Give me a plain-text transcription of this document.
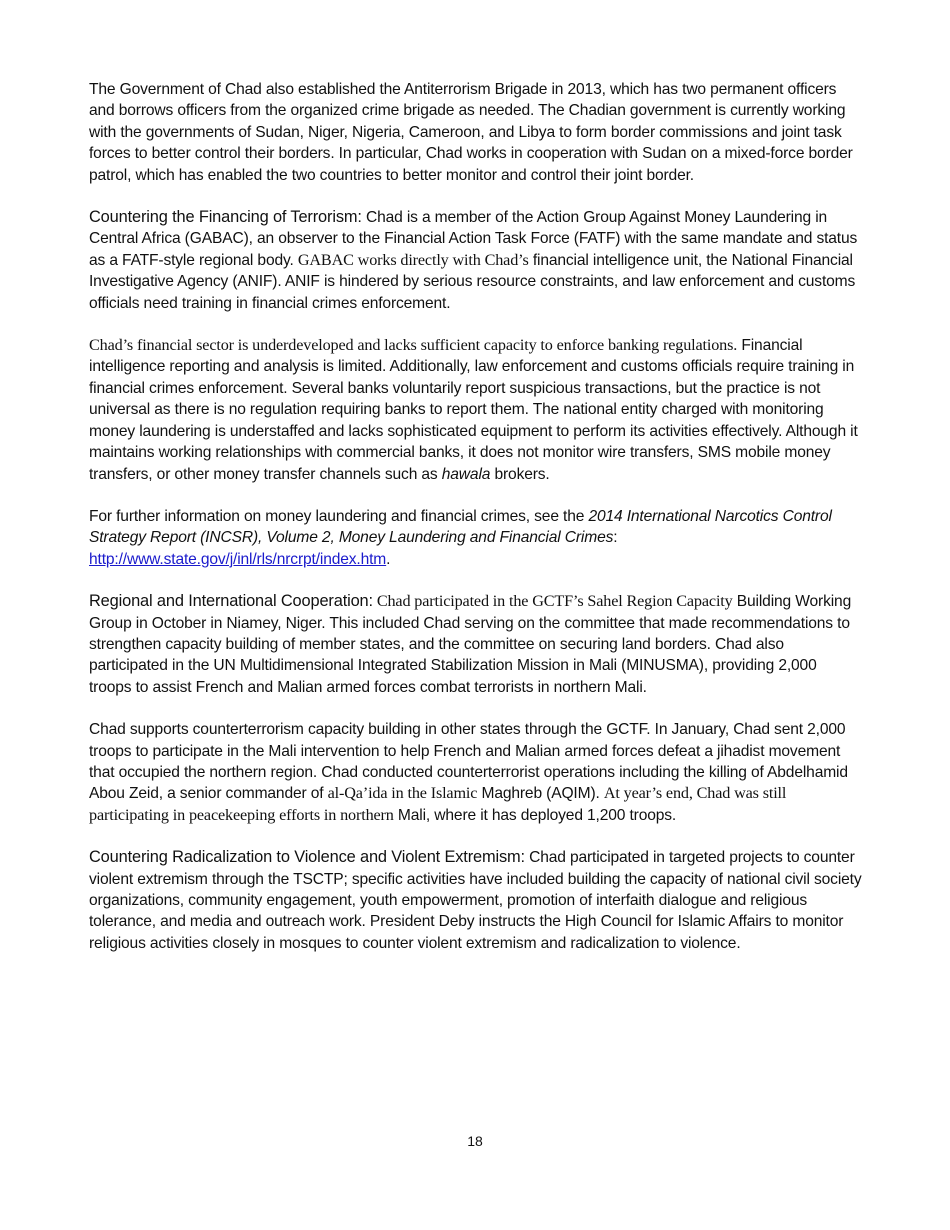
The Government of Chad also established the Antiterrorism Brigade in 2013, which has two permanent officers and borrows officers from the organized crime brigade as needed. The Chadian government is currently working with the governments of Sudan, Niger, Nigeria, Cameroon, and Libya to form border commissions and joint task forces to better control their borders. In particular, Chad works in cooperation with Sudan on a mixed-force border patrol, which has enabled the two countries to better monitor and control their joint border.

Countering the Financing of Terrorism: Chad is a member of the Action Group Against Money Laundering in Central Africa (GABAC), an observer to the Financial Action Task Force (FATF) with the same mandate and status as a FATF-style regional body. GABAC works directly with Chad’s financial intelligence unit, the National Financial Investigative Agency (ANIF). ANIF is hindered by serious resource constraints, and law enforcement and customs officials need training in financial crimes enforcement.

Chad’s financial sector is underdeveloped and lacks sufficient capacity to enforce banking regulations. Financial intelligence reporting and analysis is limited. Additionally, law enforcement and customs officials require training in financial crimes enforcement. Several banks voluntarily report suspicious transactions, but the practice is not universal as there is no regulation requiring banks to report them. The national entity charged with monitoring money laundering is understaffed and lacks sophisticated equipment to perform its activities effectively. Although it maintains working relationships with commercial banks, it does not monitor wire transfers, SMS mobile money transfers, or other money transfer channels such as hawala brokers.

For further information on money laundering and financial crimes, see the 2014 International Narcotics Control Strategy Report (INCSR), Volume 2, Money Laundering and Financial Crimes:
http://www.state.gov/j/inl/rls/nrcrpt/index.htm.

Regional and International Cooperation: Chad participated in the GCTF’s Sahel Region Capacity Building Working Group in October in Niamey, Niger. This included Chad serving on the committee that made recommendations to strengthen capacity building of member states, and the committee on securing land borders. Chad also participated in the UN Multidimensional Integrated Stabilization Mission in Mali (MINUSMA), providing 2,000 troops to assist French and Malian armed forces combat terrorists in northern Mali.

Chad supports counterterrorism capacity building in other states through the GCTF. In January, Chad sent 2,000 troops to participate in the Mali intervention to help French and Malian armed forces defeat a jihadist movement that occupied the northern region. Chad conducted counterterrorist operations including the killing of Abdelhamid Abou Zeid, a senior commander of al-Qa’ida in the Islamic Maghreb (AQIM). At year’s end, Chad was still participating in peacekeeping efforts in northern Mali, where it has deployed 1,200 troops.

Countering Radicalization to Violence and Violent Extremism: Chad participated in targeted projects to counter violent extremism through the TSCTP; specific activities have included building the capacity of national civil society organizations, community engagement, youth empowerment, promotion of interfaith dialogue and religious tolerance, and media and outreach work. President Deby instructs the High Council for Islamic Affairs to monitor religious activities closely in mosques to counter violent extremism and radicalization to violence.

18
